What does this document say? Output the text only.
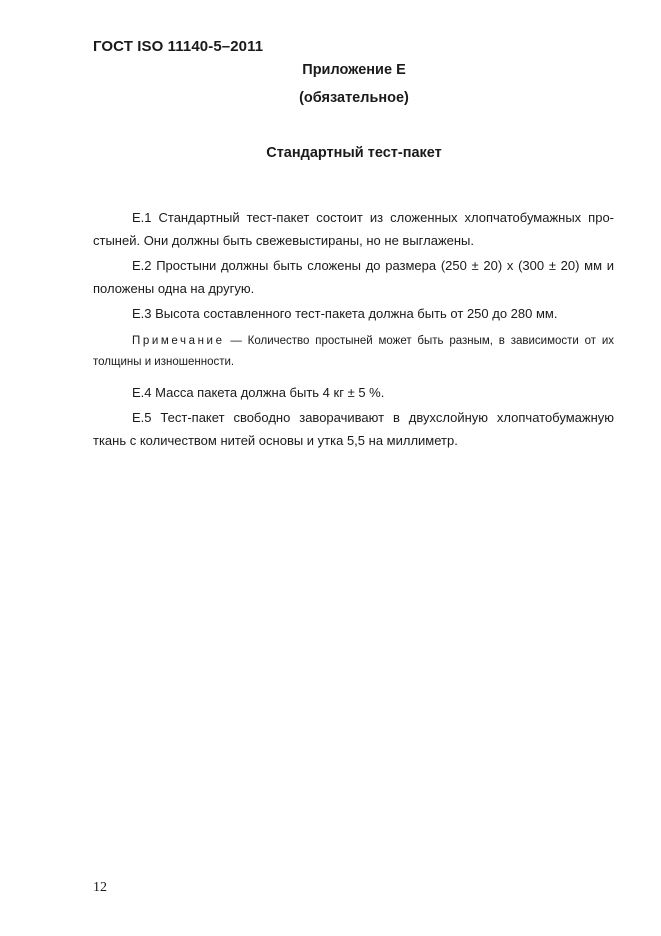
ГОСТ ISO 11140-5–2011
Приложение Е
(обязательное)
Стандартный тест-пакет

Е.1 Стандартный тест-пакет состоит из сложенных хлопчатобумажных про-стыней. Они должны быть свежевыстираны, но не выглажены.

Е.2 Простыни должны быть сложены до размера (250 ± 20) х (300 ± 20) мм и положены одна на другую.

Е.3 Высота составленного тест-пакета должна быть от 250 до 280 мм.

Примечание — Количество простыней может быть разным, в зависимости от их толщины и изношенности.

Е.4 Масса пакета должна быть 4 кг ± 5 %.

Е.5 Тест-пакет свободно заворачивают в двухслойную хлопчатобумажную ткань с количеством нитей основы и утка 5,5 на миллиметр.

12
